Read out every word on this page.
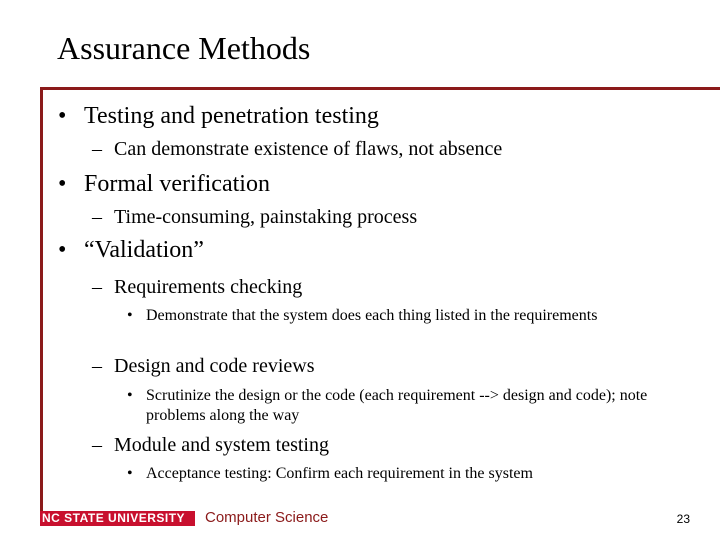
Assurance Methods
• Testing and penetration testing
– Can demonstrate existence of flaws, not absence
• Formal verification
– Time-consuming, painstaking process
• “Validation”
– Requirements checking
• Demonstrate that the system does each thing listed in the requirements
– Design and code reviews
• Scrutinize the design or the code (each requirement --> design and code); note problems along the way
– Module and system testing
• Acceptance testing: Confirm each requirement in the system
NC STATE UNIVERSITY	Computer Science	23
